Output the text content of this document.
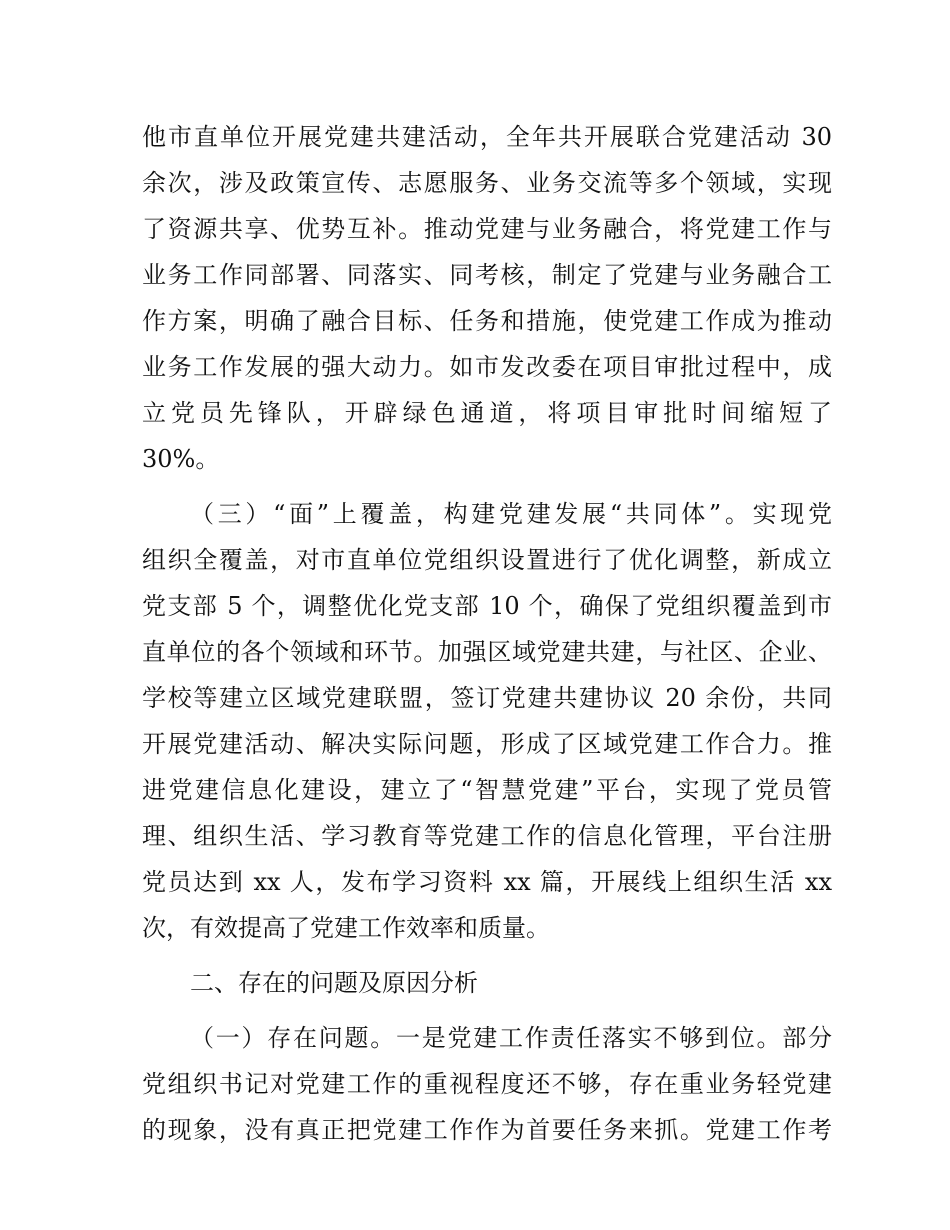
他市直单位开展党建共建活动，全年共开展联合党建活动 30
余次，涉及政策宣传、志愿服务、业务交流等多个领域，实现
了资源共享、优势互补。推动党建与业务融合，将党建工作与
业务工作同部署、同落实、同考核，制定了党建与业务融合工
作方案，明确了融合目标、任务和措施，使党建工作成为推动
业务工作发展的强大动力。如市发改委在项目审批过程中，成
立党员先锋队，开辟绿色通道，将项目审批时间缩短了
30%。
（三）“面”上覆盖，构建党建发展“共同体”。实现党
组织全覆盖，对市直单位党组织设置进行了优化调整，新成立
党支部 5 个，调整优化党支部 10 个，确保了党组织覆盖到市
直单位的各个领域和环节。加强区域党建共建，与社区、企业、
学校等建立区域党建联盟，签订党建共建协议 20 余份，共同
开展党建活动、解决实际问题，形成了区域党建工作合力。推
进党建信息化建设，建立了“智慧党建”平台，实现了党员管
理、组织生活、学习教育等党建工作的信息化管理，平台注册
党员达到 xx 人，发布学习资料 xx 篇，开展线上组织生活 xx
次，有效提高了党建工作效率和质量。
二、存在的问题及原因分析
（一）存在问题。一是党建工作责任落实不够到位。部分
党组织书记对党建工作的重视程度还不够，存在重业务轻党建
的现象，没有真正把党建工作作为首要任务来抓。党建工作考
